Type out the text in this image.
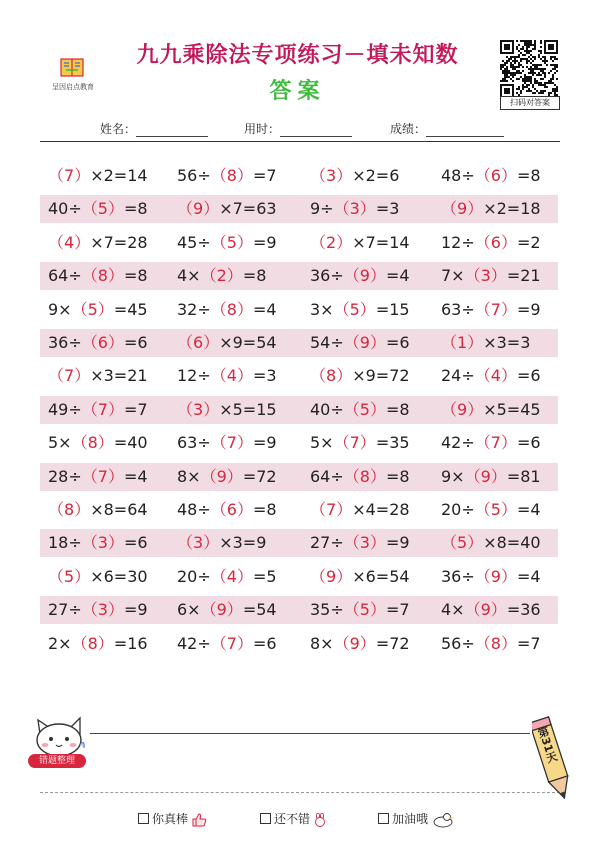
呈因启点教育
九九乘除法专项练习－填未知数
答案	扫码对答案
姓名：	用时：	成绩：
（7）×2=14 56÷（8）=7 （3）×2=6	48÷（6）=8
40÷（5）=8 （9）×7=63 9÷（3）=3	（9）×2=18
（4）×7=28 45÷（5）=9 （2）×7=14 12÷（6）=2
64÷（8）=8 4×（2）=8	36÷（9）=4 7×（3）=21
9×（5）=45 32÷（8）=4 3×（5）=15 63÷（7）=9
36÷（6）=6 （6）×9=54 54÷（9）=6 （1）×3=3
（7）×3=21 12÷（4）=3 （8）×9=72 24÷（4）=6
49÷（7）=7 （3）×5=15 40÷（5）=8 （9）×5=45
5×（8）=40 63÷（7）=9 5×（7）=35 42÷（7）=6
28÷（7）=4 8×（9）=72 64÷（8）=8 9×（9）=81
（8）×8=64 48÷（6）=8 （7）×4=28 20÷（5）=4
18÷（3）=6 （3）×3=9	27÷（3）=9 （5）×8=40
（5）×6=30 20÷（4）=5 （9）×6=54 36÷（9）=4
27÷（3）=9 6×（9）=54 35÷（5）=7 4×（9）=36
2×（8）=16 42÷（7）=6 8×（9）=72 56÷（8）=7
错题整理	第31天
你真棒	还不错	加油哦
